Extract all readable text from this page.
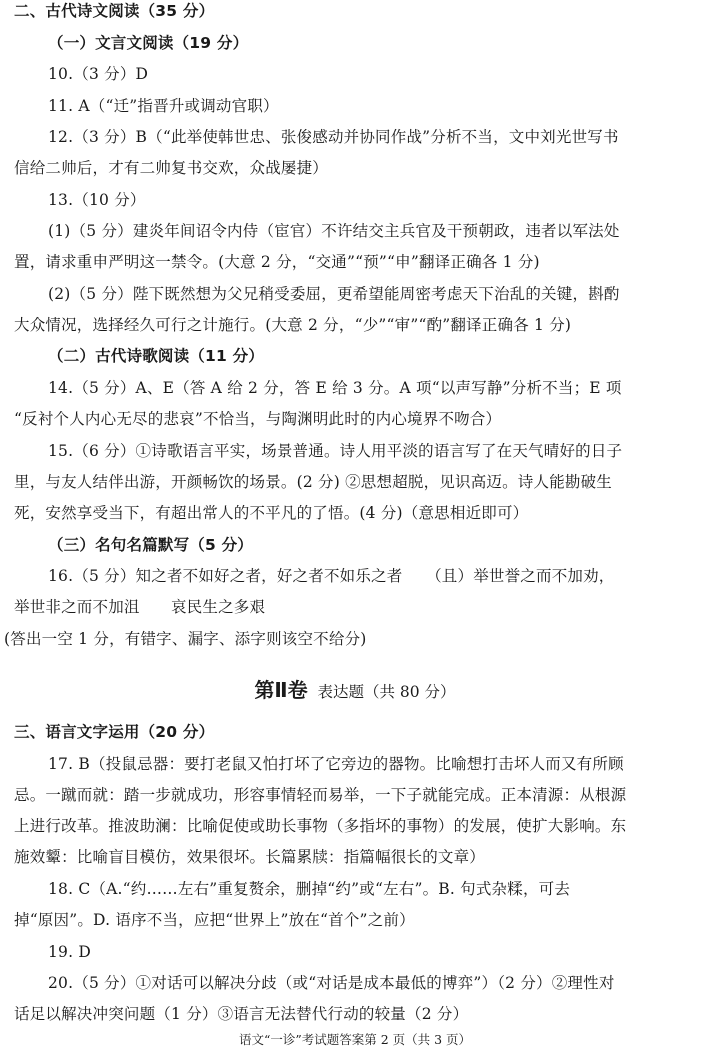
二、古代诗文阅读（35 分）
（一）文言文阅读（19 分）
10.（3 分）D
11. A（“迁”指晋升或调动官职）
12.（3 分）B（“此举使韩世忠、张俊感动并协同作战”分析不当，文中刘光世写书
信给二帅后，才有二帅复书交欢，众战屡捷）
13.（10 分）
(1)（5 分）建炎年间诏令内侍（宦官）不许结交主兵官及干预朝政，违者以军法处
置，请求重申严明这一禁令。(大意 2 分，“交通”“预”“申”翻译正确各 1 分)
(2)（5 分）陛下既然想为父兄稍受委屈，更希望能周密考虑天下治乱的关键，斟酌
大众情况，选择经久可行之计施行。(大意 2 分，“少”“审”“酌”翻译正确各 1 分)
（二）古代诗歌阅读（11 分）
14.（5 分）A、E（答 A 给 2 分，答 E 给 3 分。A 项“以声写静”分析不当；E 项
“反衬个人内心无尽的悲哀”不恰当，与陶渊明此时的内心境界不吻合）
15.（6 分）①诗歌语言平实，场景普通。诗人用平淡的语言写了在天气晴好的日子
里，与友人结伴出游，开颜畅饮的场景。(2 分) ②思想超脱，见识高迈。诗人能勘破生
死，安然享受当下，有超出常人的不平凡的了悟。(4 分)（意思相近即可）
（三）名句名篇默写（5 分）
16.（5 分）知之者不如好之者，好之者不如乐之者　　（且）举世誉之而不加劝，
举世非之而不加沮　　哀民生之多艰
(答出一空 1 分，有错字、漏字、添字则该空不给分)
第Ⅱ卷 表达题（共 80 分）
三、语言文字运用（20 分）
17. B（投鼠忌器：要打老鼠又怕打坏了它旁边的器物。比喻想打击坏人而又有所顾
忌。一蹴而就：踏一步就成功，形容事情轻而易举，一下子就能完成。正本清源：从根源
上进行改革。推波助澜：比喻促使或助长事物（多指坏的事物）的发展，使扩大影响。东
施效颦：比喻盲目模仿，效果很坏。长篇累牍：指篇幅很长的文章）
18. C（A.“约……左右”重复赘余，删掉“约”或“左右”。B. 句式杂糅，可去
掉“原因”。D. 语序不当，应把“世界上”放在“首个”之前）
19. D
20.（5 分）①对话可以解决分歧（或“对话是成本最低的博弈”）（2 分）②理性对
话足以解决冲突问题（1 分）③语言无法替代行动的较量（2 分）
语文“一诊”考试题答案第 2 页（共 3 页）
